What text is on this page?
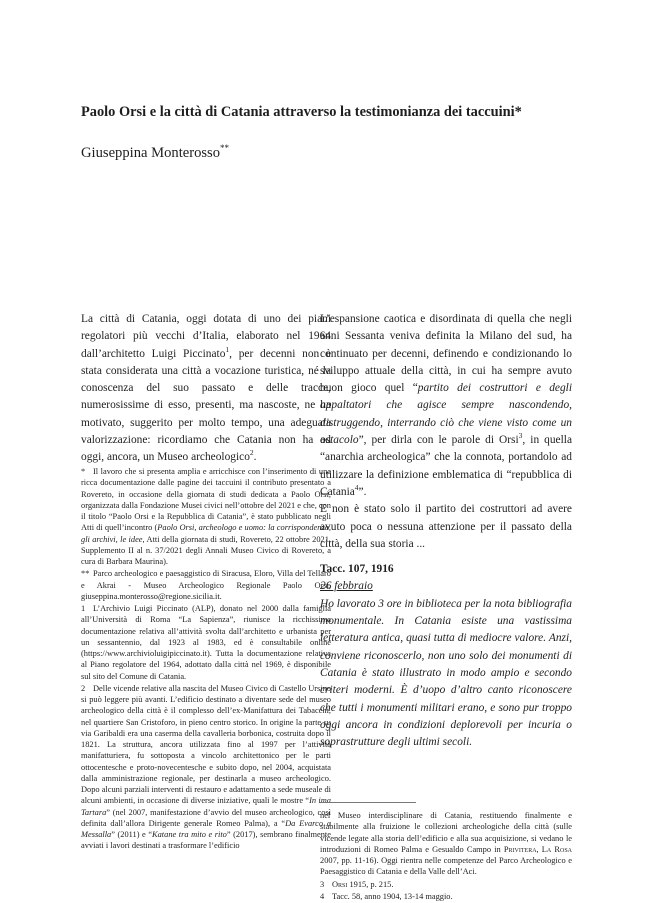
Paolo Orsi e la città di Catania attraverso la testimonianza dei taccuini*
Giuseppina Monterosso**

La città di Catania, oggi dotata di uno dei piani regolatori più vecchi d’Italia, elaborato nel 1964 dall’architetto Luigi Piccinato$^1$, per decenni non è stata considerata una città a vocazione turistica, né la conoscenza del suo passato e delle tracce, numerosissime di esso, presenti, ma nascoste, ne ha motivato, suggerito per molto tempo, una adeguata valorizzazione: ricordiamo che Catania non ha ad oggi, ancora, un Museo archeologico$^2$.

* Il lavoro che si presenta amplia e arricchisce con l’inserimento di una ricca documentazione dalle pagine dei taccuini il contributo presentato a Rovereto, in occasione della giornata di studi dedicata a Paolo Orsi, organizzata dalla Fondazione Musei civici nell’ottobre del 2021 e che, con il titolo “Paolo Orsi e la Repubblica di Catania”, è stato pubblicato negli Atti di quell’incontro (Paolo Orsi, archeologo e uomo: la corrispondenza, gli archivi, le idee, Atti della giornata di studi, Rovereto, 22 ottobre 2021, Supplemento II al n. 37/2021 degli Annali Museo Civico di Rovereto, a cura di Barbara Maurina).

** Parco archeologico e paesaggistico di Siracusa, Eloro, Villa del Tellaro e Akrai - Museo Archeologico Regionale Paolo Orsi, giuseppina.monterosso@regione.sicilia.it.

1 L’Archivio Luigi Piccinato (ALP), donato nel 2000 dalla famiglia all’Università di Roma “La Sapienza”, riunisce la ricchissima documentazione relativa all’attività svolta dall’architetto e urbanista per un sessantennio, dal 1923 al 1983, ed è consultabile online (https://www.archivioluigipiccinato.it). Tutta la documentazione relativa al Piano regolatore del 1964, adottato dalla città nel 1969, è disponibile sul sito del Comune di Catania.

2 Delle vicende relative alla nascita del Museo Civico di Castello Ursino si può leggere più avanti. L’edificio destinato a diventare sede del museo archeologico della città è il complesso dell’ex-Manifattura dei Tabacchi, nel quartiere San Cristoforo, in pieno centro storico. In origine la parte su via Garibaldi era una caserma della cavalleria borbonica, costruita dopo il 1821. La struttura, ancora utilizzata fino al 1997 per l’attività manifatturiera, fu sottoposta a vincolo architettonico per le parti ottocentesche e proto-novecentesche e subito dopo, nel 2004, acquistata dalla amministrazione regionale, per destinarla a museo archeologico. Dopo alcuni parziali interventi di restauro e adattamento a sede museale di alcuni ambienti, in occasione di diverse iniziative, quali le mostre “In ima Tartara” (nel 2007, manifestazione d’avvio del museo archeologico, così definita dall’allora Dirigente generale Romeo Palma), a “Da Evarco a Messalla” (2011) e “Katane tra mito e rito” (2017), sembrano finalmente avviati i lavori destinati a trasformare l’edificio

L’espansione caotica e disordinata di quella che negli anni Sessanta veniva definita la Milano del sud, ha continuato per decenni, definendo e condizionando lo sviluppo attuale della città, in cui ha sempre avuto buon gioco quel “partito dei costruttori e degli appaltatori che agisce sempre nascondendo, distruggendo, interrando ciò che viene visto come un ostacolo”, per dirla con le parole di Orsi$^3$, in quella “anarchia archeologica” che la connota, portandolo ad utilizzare la definizione emblematica di “repubblica di Catania$^4$”.

E non è stato solo il partito dei costruttori ad avere avuto poca o nessuna attenzione per il passato della città, della sua storia ...

Tacc. 107, 1916

26 febbraio

Ho lavorato 3 ore in biblioteca per la nota bibliografia monumentale. In Catania esiste una vastissima letteratura antica, quasi tutta di mediocre valore. Anzi, conviene riconoscerlo, non uno solo dei monumenti di Catania è stato illustrato in modo ampio e secondo criteri moderni. È d’uopo d’altro canto riconoscere che tutti i monumenti militari erano, e sono pur troppo oggi ancora in condizioni deplorevoli per incuria o soprastrutture degli ultimi secoli.

nel Museo interdisciplinare di Catania, restituendo finalmente e stabilmente alla fruizione le collezioni archeologiche della città (sulle vicende legate alla storia dell’edificio e alla sua acquisizione, si vedano le introduzioni di Romeo Palma e Gesualdo Campo in Privitera, La Rosa 2007, pp. 11-16). Oggi rientra nelle competenze del Parco Archeologico e Paesaggistico di Catania e della Valle dell’Aci.

3 Orsi 1915, p. 215.

4 Tacc. 58, anno 1904, 13-14 maggio.
